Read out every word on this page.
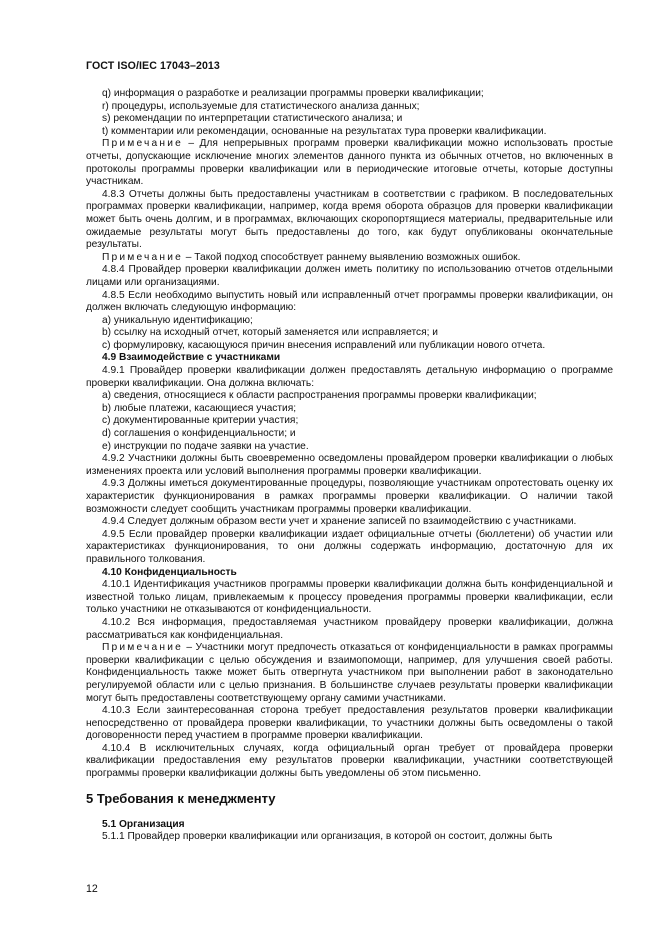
ГОСТ ISO/IEC 17043–2013

q) информация о разработке и реализации программы проверки квалификации;

r) процедуры, используемые для статистического анализа данных;

s) рекомендации по интерпретации статистического анализа; и

t) комментарии или рекомендации, основанные на результатах тура проверки квалификации.

Примечание – Для непрерывных программ проверки квалификации можно использовать простые отчеты, допускающие исключение многих элементов данного пункта из обычных отчетов, но включенных в протоколы программы проверки квалификации или в периодические итоговые отчеты, которые доступны участникам.

4.8.3 Отчеты должны быть предоставлены участникам в соответствии с графиком. В последовательных программах проверки квалификации, например, когда время оборота образцов для проверки квалификации может быть очень долгим, и в программах, включающих скоропортящиеся материалы, предварительные или ожидаемые результаты могут быть предоставлены до того, как будут опубликованы окончательные результаты.

Примечание – Такой подход способствует раннему выявлению возможных ошибок.

4.8.4 Провайдер проверки квалификации должен иметь политику по использованию отчетов отдельными лицами или организациями.

4.8.5 Если необходимо выпустить новый или исправленный отчет программы проверки квалификации, он должен включать следующую информацию:

a) уникальную идентификацию;

b) ссылку на исходный отчет, который заменяется или исправляется; и

c) формулировку, касающуюся причин внесения исправлений или публикации нового отчета.

4.9 Взаимодействие с участниками

4.9.1 Провайдер проверки квалификации должен предоставлять детальную информацию о программе проверки квалификации. Она должна включать:

a) сведения, относящиеся к области распространения программы проверки квалификации;

b) любые платежи, касающиеся участия;

c) документированные критерии участия;

d) соглашения о конфиденциальности; и

e) инструкции по подаче заявки на участие.

4.9.2 Участники должны быть своевременно осведомлены провайдером проверки квалификации о любых изменениях проекта или условий выполнения программы проверки квалификации.

4.9.3 Должны иметься документированные процедуры, позволяющие участникам опротестовать оценку их характеристик функционирования в рамках программы проверки квалификации. О наличии такой возможности следует сообщить участникам программы проверки квалификации.

4.9.4 Следует должным образом вести учет и хранение записей по взаимодействию с участниками.

4.9.5 Если провайдер проверки квалификации издает официальные отчеты (бюллетени) об участии или характеристиках функционирования, то они должны содержать информацию, достаточную для их правильного толкования.

4.10 Конфиденциальность

4.10.1 Идентификация участников программы проверки квалификации должна быть конфиденциальной и известной только лицам, привлекаемым к процессу проведения программы проверки квалификации, если только участники не отказываются от конфиденциальности.

4.10.2 Вся информация, предоставляемая участником провайдеру проверки квалификации, должна рассматриваться как конфиденциальная.

Примечание – Участники могут предпочесть отказаться от конфиденциальности в рамках программы проверки квалификации с целью обсуждения и взаимопомощи, например, для улучшения своей работы. Конфиденциальность также может быть отвергнута участником при выполнении работ в законодательно регулируемой области или с целью признания. В большинстве случаев результаты проверки квалификации могут быть предоставлены соответствующему органу самими участниками.

4.10.3 Если заинтересованная сторона требует предоставления результатов проверки квалификации непосредственно от провайдера проверки квалификации, то участники должны быть осведомлены о такой договоренности перед участием в программе проверки квалификации.

4.10.4 В исключительных случаях, когда официальный орган требует от провайдера проверки квалификации предоставления ему результатов проверки квалификации, участники соответствующей программы проверки квалификации должны быть уведомлены об этом письменно.

5 Требования к менеджменту

5.1 Организация

5.1.1 Провайдер проверки квалификации или организация, в которой он состоит, должны быть

12
